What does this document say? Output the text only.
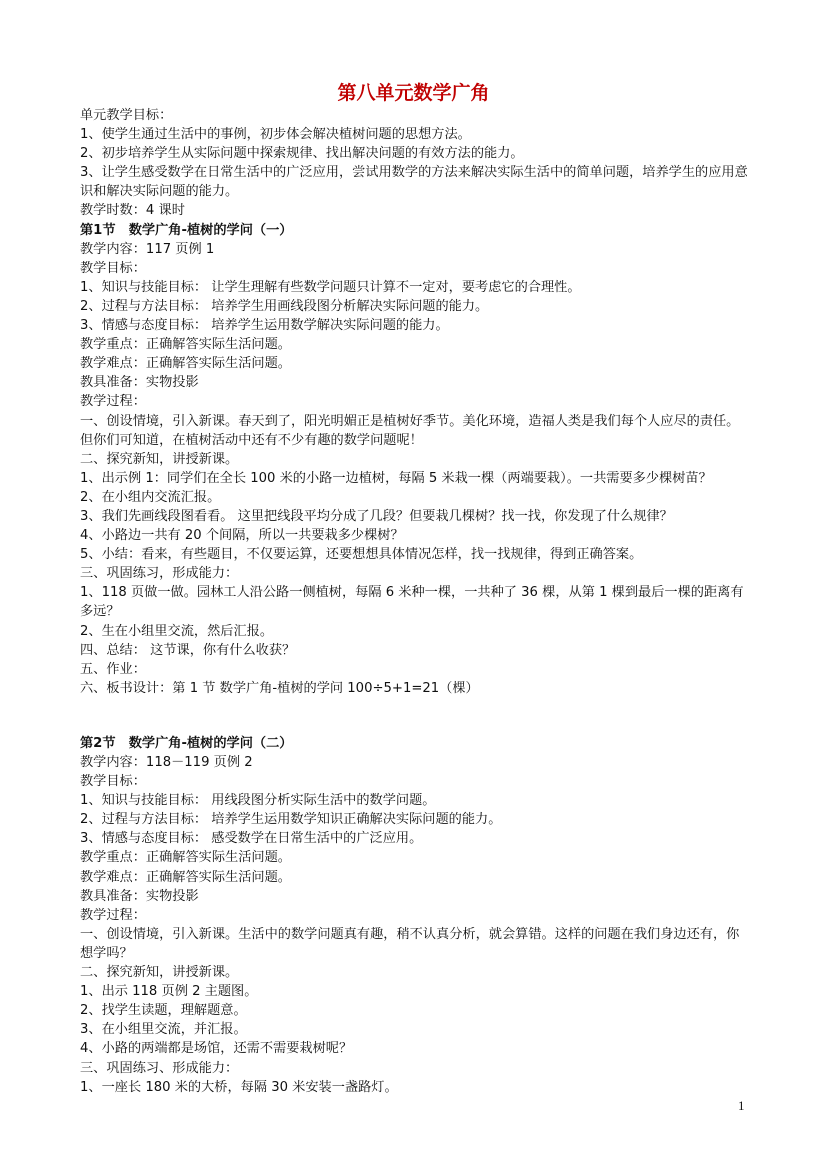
第八单元数学广角
单元教学目标：
1、使学生通过生活中的事例，初步体会解决植树问题的思想方法。
2、初步培养学生从实际问题中探索规律、找出解决问题的有效方法的能力。
3、让学生感受数学在日常生活中的广泛应用，尝试用数学的方法来解决实际生活中的简单问题，培养学生的应用意识和解决实际问题的能力。
教学时数：4 课时
第1节　数学广角-植树的学问（一）
教学内容：117 页例 1
教学目标：
1、知识与技能目标： 让学生理解有些数学问题只计算不一定对，要考虑它的合理性。
2、过程与方法目标： 培养学生用画线段图分析解决实际问题的能力。
3、情感与态度目标： 培养学生运用数学解决实际问题的能力。
教学重点：正确解答实际生活问题。
教学难点：正确解答实际生活问题。
教具准备：实物投影
教学过程：
一、创设情境，引入新课。春天到了，阳光明媚正是植树好季节。美化环境，造福人类是我们每个人应尽的责任。但你们可知道，在植树活动中还有不少有趣的数学问题呢！
二、探究新知，讲授新课。
1、出示例 1：同学们在全长 100 米的小路一边植树，每隔 5 米栽一棵（两端要栽）。一共需要多少棵树苗？
2、在小组内交流汇报。
3、我们先画线段图看看。 这里把线段平均分成了几段？但要栽几棵树？找一找，你发现了什么规律？
4、小路边一共有 20 个间隔，所以一共要栽多少棵树？
5、小结：看来，有些题目，不仅要运算，还要想想具体情况怎样，找一找规律，得到正确答案。
三、巩固练习，形成能力：
1、118 页做一做。园林工人沿公路一侧植树，每隔 6 米种一棵，一共种了 36 棵，从第 1 棵到最后一棵的距离有多远？
2、生在小组里交流，然后汇报。
四、总结： 这节课，你有什么收获？
五、作业：
六、板书设计：第 1 节 数学广角-植树的学问 100÷5+1=21（棵）
第2节　数学广角-植树的学问（二）
教学内容：118－119 页例 2
教学目标：
1、知识与技能目标： 用线段图分析实际生活中的数学问题。
2、过程与方法目标： 培养学生运用数学知识正确解决实际问题的能力。
3、情感与态度目标： 感受数学在日常生活中的广泛应用。
教学重点：正确解答实际生活问题。
教学难点：正确解答实际生活问题。
教具准备：实物投影
教学过程：
一、创设情境，引入新课。生活中的数学问题真有趣，稍不认真分析，就会算错。这样的问题在我们身边还有，你想学吗？
二、探究新知，讲授新课。
1、出示 118 页例 2 主题图。
2、找学生读题，理解题意。
3、在小组里交流，并汇报。
4、小路的两端都是场馆，还需不需要栽树呢？
三、巩固练习、形成能力：
1、一座长 180 米的大桥，每隔 30 米安装一盏路灯。
1
